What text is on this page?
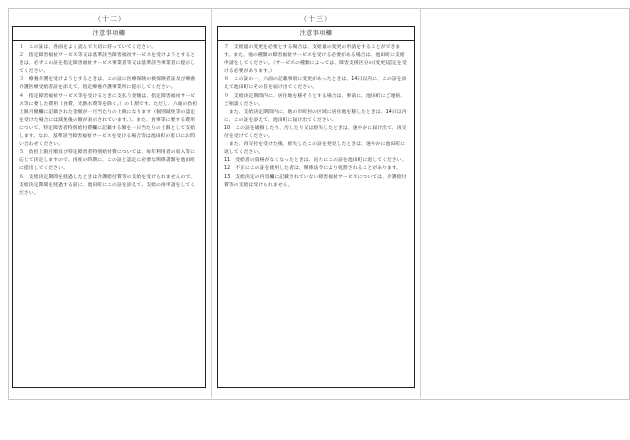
（十二）
注意事項欄

１　この証は、各面をよく読んで大切に持っていてください。

２　指定障害福祉サービス等又は基準該当障害福祉サービスを受けようとするときは、必ずこの証を指定障害福祉サービス事業者等又は基準該当事業者に提示してください。

３　療養介護を受けようとするときは、この証に医療保険の被保険者証及び療養介護医療受給者証を添えて、指定療養介護事業所に提示してください。

４　指定障害福祉サービス等を受けるときに支払う金額は、指定障害福祉サービス等に要した費用（食費、光熱水費等を除く。）の１割です。ただし、六面の負担上限月額欄に記載された金額が一月当たりの上限になります（個別減免等の認定を受けた場合には減免後の額が表示されています。）。また、食事等に要する費用について、特定障害者特別給付費欄に記載する額を一日当たりの上限として支給します。なお、基準該当障害福祉サービスを受ける場合等は池田町の窓口にお問い合わせください。

５　負担上限月額及び特定障害者特別給付費については、毎年利用者の収入等に応じて決定しますので、再度の時期に、この証と認定に必要な関係書類を池田町に提出してください。

６　支給決定期間を経過したときは介護給付費等の支給を受けられませんので、支給決定期間を経過する前に、池田町にこの証を添えて、支給の再申請をしてください。

（十三）
注意事項欄

７　支給量の変更を必要とする場合は、支給量の変更の申請をすることができます。また、他の種類の障害福祉サービスを受ける必要がある場合は、池田町に支給申請をしてください。（サービスの種類によっては、障害支援区分の(変更)認定を受ける必要があります。）

８　この証の一、六面の記載事項に変更があったときは、14日以内に、この証を添えて池田町にその旨を届け出てください。

９　支給決定期間内に、居住地を移そうとする場合は、事前に、池田町にご連絡、ご相談ください。

　また、支給決定期間内に、他の市町村の区域に居住地を移したときは、14日以内に、この証を添えて、池田町に届け出てください。

10　この証を破損したり、汚したり又は紛失したときは、速やかに届け出て、再交付を受けてください。

　また、再交付を受けた後、紛失したこの証を発見したときは、速やかに池田町に返してください。

11　受給者の資格がなくなったときは、直ちにこの証を池田町に返してください。

12　不正にこの証を使用した者は、関係法令により処罰されることがあります。

13　支給決定の内容欄に記載されていない障害福祉サービスについては、介護給付費等の支給は受けられません。
